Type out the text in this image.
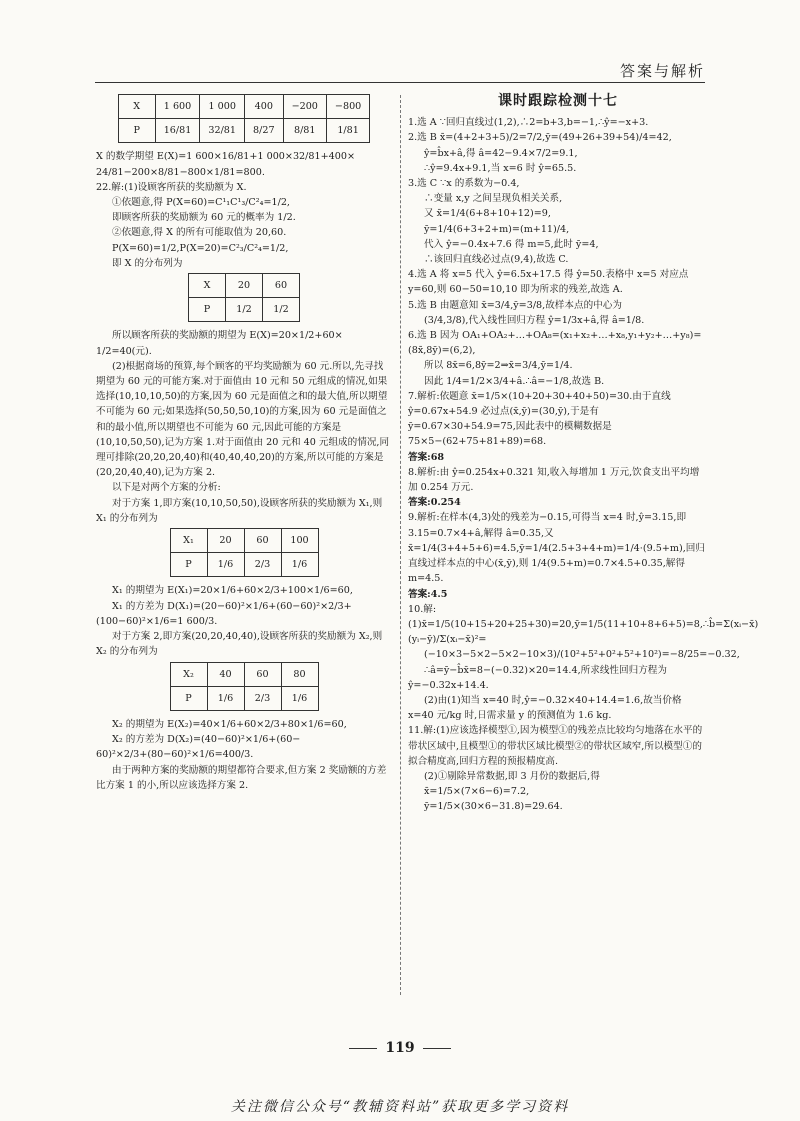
答案与解析
X	1 600	1 000	400	−200	−800
P	16/81	32/81	8/27	8/81	1/81

X 的数学期望 E(X)=1 600×16/81+1 000×32/81+400×

24/81−200×8/81−800×1/81=800.

22.解:(1)设顾客所获的奖励额为 X.

①依题意,得 P(X=60)=C¹₁C¹₃/C²₄=1/2,

即顾客所获的奖励额为 60 元的概率为 1/2.

②依题意,得 X 的所有可能取值为 20,60.

P(X=60)=1/2,P(X=20)=C²₃/C²₄=1/2,

即 X 的分布列为

X	20	60
P	1/2	1/2

所以顾客所获的奖励额的期望为 E(X)=20×1/2+60×

1/2=40(元).

(2)根据商场的预算,每个顾客的平均奖励额为 60 元.所以,先寻找期望为 60 元的可能方案.对于面值由 10 元和 50 元组成的情况,如果选择(10,10,10,50)的方案,因为 60 元是面值之和的最大值,所以期望不可能为 60 元;如果选择(50,50,50,10)的方案,因为 60 元是面值之和的最小值,所以期望也不可能为 60 元,因此可能的方案是(10,10,50,50),记为方案 1.对于面值由 20 元和 40 元组成的情况,同理可排除(20,20,20,40)和(40,40,40,20)的方案,所以可能的方案是(20,20,40,40),记为方案 2.

以下是对两个方案的分析:

对于方案 1,即方案(10,10,50,50),设顾客所获的奖励额为 X₁,则 X₁ 的分布列为

X₁	20	60	100
P	1/6	2/3	1/6

X₁ 的期望为 E(X₁)=20×1/6+60×2/3+100×1/6=60,

X₁ 的方差为 D(X₁)=(20−60)²×1/6+(60−60)²×2/3+

(100−60)²×1/6=1 600/3.

对于方案 2,即方案(20,20,40,40),设顾客所获的奖励额为 X₂,则 X₂ 的分布列为

X₂	40	60	80
P	1/6	2/3	1/6

X₂ 的期望为 E(X₂)=40×1/6+60×2/3+80×1/6=60,

X₂ 的方差为 D(X₂)=(40−60)²×1/6+(60−

60)²×2/3+(80−60)²×1/6=400/3.

由于两种方案的奖励额的期望都符合要求,但方案 2 奖励额的方差比方案 1 的小,所以应该选择方案 2.

课时跟踪检测十七

1.选 A ∵回归直线过(1,2),∴2=b+3,b=−1,∴ŷ=−x+3.

2.选 B x̄=(4+2+3+5)/2=7/2,ȳ=(49+26+39+54)/4=42,

ŷ=b̂x+â,得 â=42−9.4×7/2=9.1,

∴ŷ=9.4x+9.1,当 x=6 时 ŷ=65.5.

3.选 C ∵x 的系数为−0.4,

∴变量 x,y 之间呈现负相关关系,

又 x̄=1/4(6+8+10+12)=9,

ȳ=1/4(6+3+2+m)=(m+11)/4,

代入 ŷ=−0.4x+7.6 得 m=5,此时 ȳ=4,

∴该回归直线必过点(9,4),故选 C.

4.选 A 将 x=5 代入 ŷ=6.5x+17.5 得 ŷ=50.表格中 x=5 对应点 y=60,则 60−50=10,10 即为所求的残差,故选 A.

5.选 B 由题意知 x̄=3/4,ȳ=3/8,故样本点的中心为

(3/4,3/8),代入线性回归方程 ŷ=1/3x+â,得 â=1/8.

6.选 B 因为 OA₁+OA₂+…+OA₈=(x₁+x₂+…+x₈,y₁+y₂+…+y₈)=(8x̄,8ȳ)=(6,2),

所以 8x̄=6,8ȳ=2⇒x̄=3/4,ȳ=1/4.

因此 1/4=1/2×3/4+â.∴â=−1/8,故选 B.

7.解析:依题意 x̄=1/5×(10+20+30+40+50)=30.由于直线 ŷ=0.67x+54.9 必过点(x̄,ȳ)=(30,ȳ),于是有 ȳ=0.67×30+54.9=75,因此表中的模糊数据是 75×5−(62+75+81+89)=68.

答案:68

8.解析:由 ŷ=0.254x+0.321 知,收入每增加 1 万元,饮食支出平均增加 0.254 万元.

答案:0.254

9.解析:在样本(4,3)处的残差为−0.15,可得当 x=4 时,ŷ=3.15,即 3.15=0.7×4+â,解得 â=0.35,又 x̄=1/4(3+4+5+6)=4.5,ȳ=1/4(2.5+3+4+m)=1/4·(9.5+m),回归直线过样本点的中心(x̄,ȳ),则 1/4(9.5+m)=0.7×4.5+0.35,解得 m=4.5.

答案:4.5

10.解:(1)x̄=1/5(10+15+20+25+30)=20,ȳ=1/5(11+10+8+6+5)=8,∴b̂=Σ(xᵢ−x̄)(yᵢ−ȳ)/Σ(xᵢ−x̄)²=

(−10×3−5×2−5×2−10×3)/(10²+5²+0²+5²+10²)=−8/25=−0.32,

∴â=ȳ−b̂x̄=8−(−0.32)×20=14.4,所求线性回归方程为 ŷ=−0.32x+14.4.

(2)由(1)知当 x=40 时,ŷ=−0.32×40+14.4=1.6,故当价格 x=40 元/kg 时,日需求量 y 的预测值为 1.6 kg.

11.解:(1)应该选择模型①,因为模型①的残差点比较均匀地落在水平的带状区域中,且模型①的带状区域比模型②的带状区域窄,所以模型①的拟合精度高,回归方程的预报精度高.

(2)①剔除异常数据,即 3 月份的数据后,得

x̄=1/5×(7×6−6)=7.2,

ȳ=1/5×(30×6−31.8)=29.64.

119
关注微信公众号“教辅资料站”获取更多学习资料
